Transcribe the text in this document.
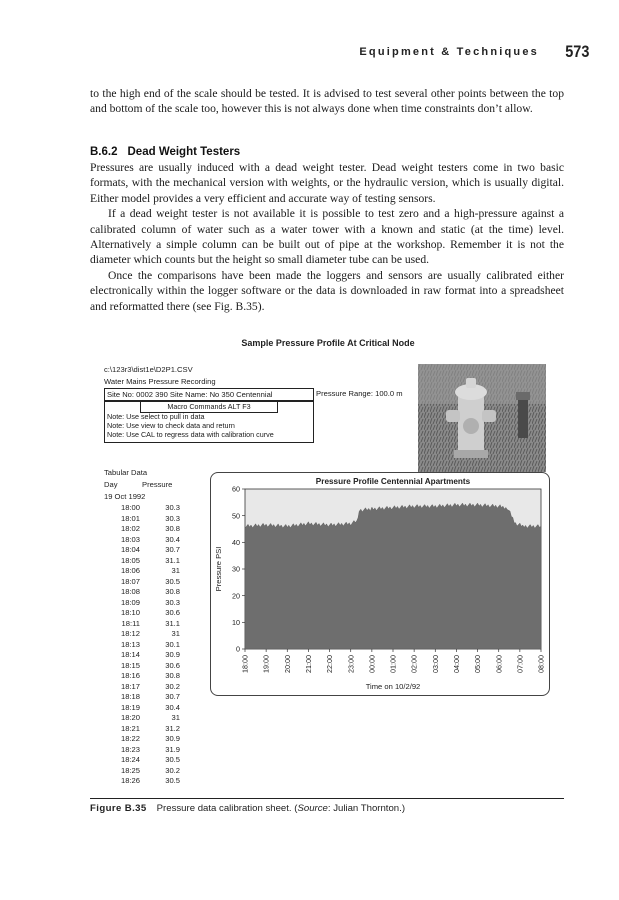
Equipment & Techniques 573

to the high end of the scale should be tested. It is advised to test several other points between the top and bottom of the scale too, however this is not always done when time constraints don’t allow.

B.6.2 Dead Weight Testers

Pressures are usually induced with a dead weight tester. Dead weight testers come in two basic formats, with the mechanical version with weights, or the hydraulic version, which is usually digital. Either model provides a very efficient and accurate way of testing sensors.

If a dead weight tester is not available it is possible to test zero and a high-pressure against a calibrated column of water such as a water tower with a known and static (at the time) level. Alternatively a simple column can be built out of pipe at the workshop. Remember it is not the diameter which counts but the height so small diameter tube can be used.

Once the comparisons have been made the loggers and sensors are usually calibrated either electronically within the logger software or the data is downloaded in raw format into a spreadsheet and reformatted there (see Fig. B.35).

Sample Pressure Profile At Critical Node
c:\123r3\dist1e\D2P1.CSV
Water Mains Pressure Recording
Site No: 0002 390 Site Name: No 350 Centennial	Pressure Range: 100.0 m
Macro Commands ALT F3
Note: Use select to pull in data
Note: Use view to check data and return
Note: Use CAL to regress data with calibration curve
Tabular Data
Day	Pressure
19 Oct 1992
18:00	30.3
18:01	30.3
18:02	30.8
18:03	30.4
18:04	30.7
18:05	31.1
18:06	31
18:07	30.5
18:08	30.8
18:09	30.3
18:10	30.6
18:11	31.1
18:12	31
18:13	30.1
18:14	30.9
18:15	30.6
18:16	30.8
18:17	30.2
18:18	30.7
18:19	30.4
18:20	31
18:21	31.2
18:22	30.9
18:23	31.9
18:24	30.5
18:25	30.2
18:26	30.5
Pressure Profile Centennial Apartments
0
10
20
30
40
50
60
18:00 19:00 20:00 21:00 22:00 23:00 00:00 01:00 02:00 03:00 04:00 05:00 06:00 07:00 08:00
Pressure PSI
Time on 10/2/92
Figure B.35 Pressure data calibration sheet. (Source: Julian Thornton.)
